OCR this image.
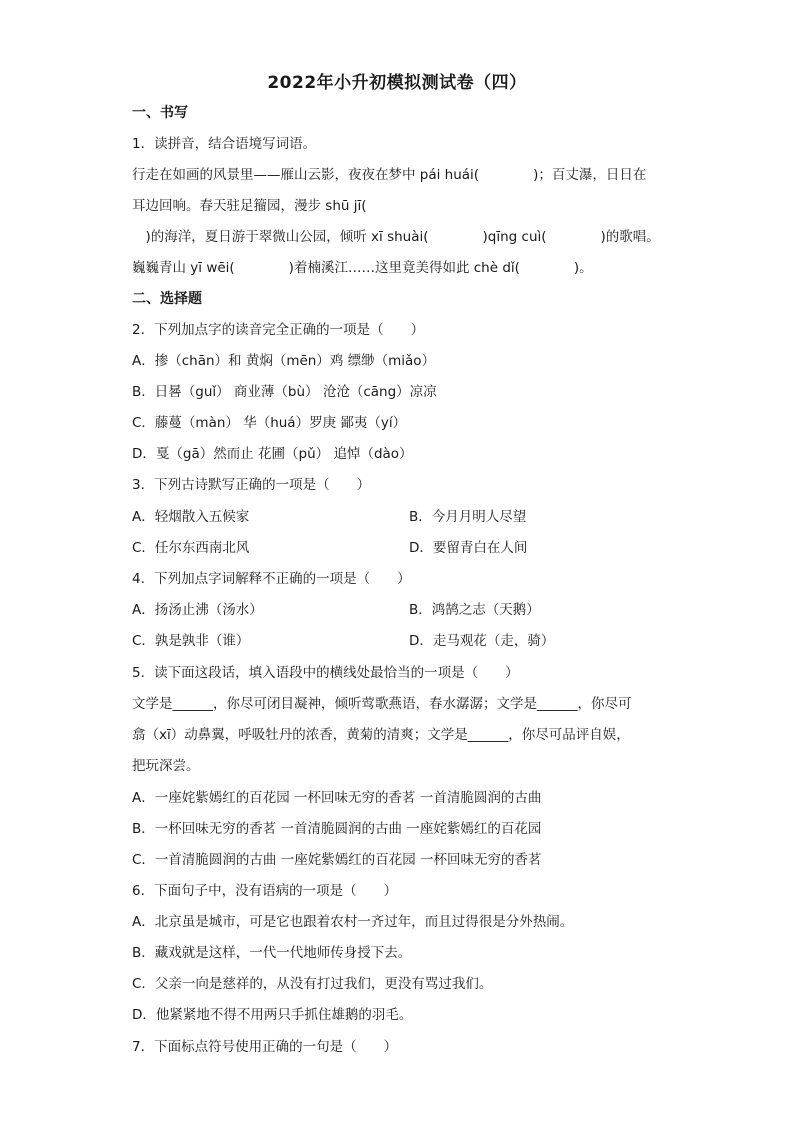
2022年小升初模拟测试卷（四）
一、书写
1．读拼音，结合语境写词语。
行走在如画的风景里——雁山云影，夜夜在梦中 pái huái(　　　　)；百丈瀑，日日在
耳边回响。春天驻足籀园，漫步 shū jī(
　)的海洋，夏日游于翠微山公园，倾听 xī shuài(　　　　)qīng cuì(　　　　)的歌唱。
巍巍青山 yī wēi(　　　　)着楠溪江……这里竟美得如此 chè dǐ(　　　　)。
二、选择题
2．下列加点字的读音完全正确的一项是（　　）
A．掺（chān）和 黄焖（mēn）鸡 缥缈（miǎo）
B．日晷（guǐ） 商业薄（bù） 沧沧（cāng）凉凉
C．藤蔓（màn） 华（huá）罗庚 鄙夷（yí）
D．戛（gā）然而止 花圃（pǔ） 追悼（dào）
3．下列古诗默写正确的一项是（　　）
A．轻烟散入五候家	B．今月月明人尽望
C．任尔东西南北风	D．要留青白在人间
4．下列加点字词解释不正确的一项是（　　）
A．扬汤止沸（汤水）	B．鸿鹄之志（天鹅）
C．孰是孰非（谁）	D．走马观花（走，骑）
5．读下面这段话，填入语段中的横线处最恰当的一项是（　　）
文学是______，你尽可闭目凝神，倾听莺歌燕语，春水潺潺；文学是______，你尽可
翕（xī）动鼻翼，呼吸牡丹的浓香，黄菊的清爽；文学是______，你尽可品评自娱，
把玩深尝。
A．一座姹紫嫣红的百花园 一杯回味无穷的香茗 一首清脆圆润的古曲
B．一杯回味无穷的香茗 一首清脆圆润的古曲 一座姹紫嫣红的百花园
C．一首清脆圆润的古曲 一座姹紫嫣红的百花园 一杯回味无穷的香茗
6．下面句子中，没有语病的一项是（　　）
A．北京虽是城市，可是它也跟着农村一齐过年，而且过得很是分外热闹。
B．藏戏就是这样，一代一代地师传身授下去。
C．父亲一向是慈祥的，从没有打过我们，更没有骂过我们。
D．他紧紧地不得不用两只手抓住雄鹅的羽毛。
7．下面标点符号使用正确的一句是（　　）
